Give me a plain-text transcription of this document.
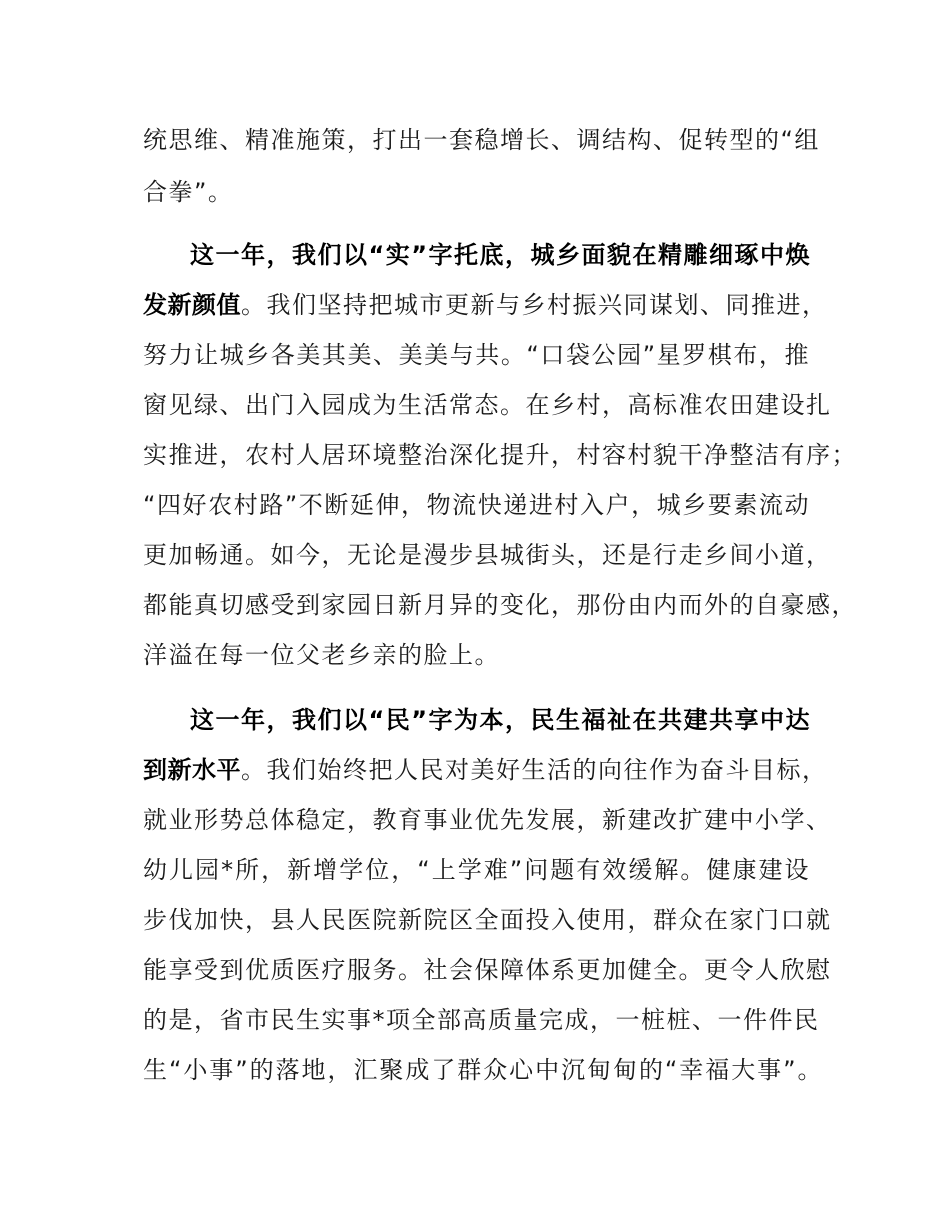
统思维、精准施策，打出一套稳增长、调结构、促转型的“组
合拳”。
这一年，我们以“实”字托底，城乡面貌在精雕细琢中焕
发新颜值。我们坚持把城市更新与乡村振兴同谋划、同推进，
努力让城乡各美其美、美美与共。“口袋公园”星罗棋布，推
窗见绿、出门入园成为生活常态。在乡村，高标准农田建设扎
实推进，农村人居环境整治深化提升，村容村貌干净整洁有序；
“四好农村路”不断延伸，物流快递进村入户，城乡要素流动
更加畅通。如今，无论是漫步县城街头，还是行走乡间小道，
都能真切感受到家园日新月异的变化，那份由内而外的自豪感，
洋溢在每一位父老乡亲的脸上。
这一年，我们以“民”字为本，民生福祉在共建共享中达
到新水平。我们始终把人民对美好生活的向往作为奋斗目标，
就业形势总体稳定，教育事业优先发展，新建改扩建中小学、
幼儿园*所，新增学位，“上学难”问题有效缓解。健康建设
步伐加快，县人民医院新院区全面投入使用，群众在家门口就
能享受到优质医疗服务。社会保障体系更加健全。更令人欣慰
的是，省市民生实事*项全部高质量完成，一桩桩、一件件民
生“小事”的落地，汇聚成了群众心中沉甸甸的“幸福大事”。
